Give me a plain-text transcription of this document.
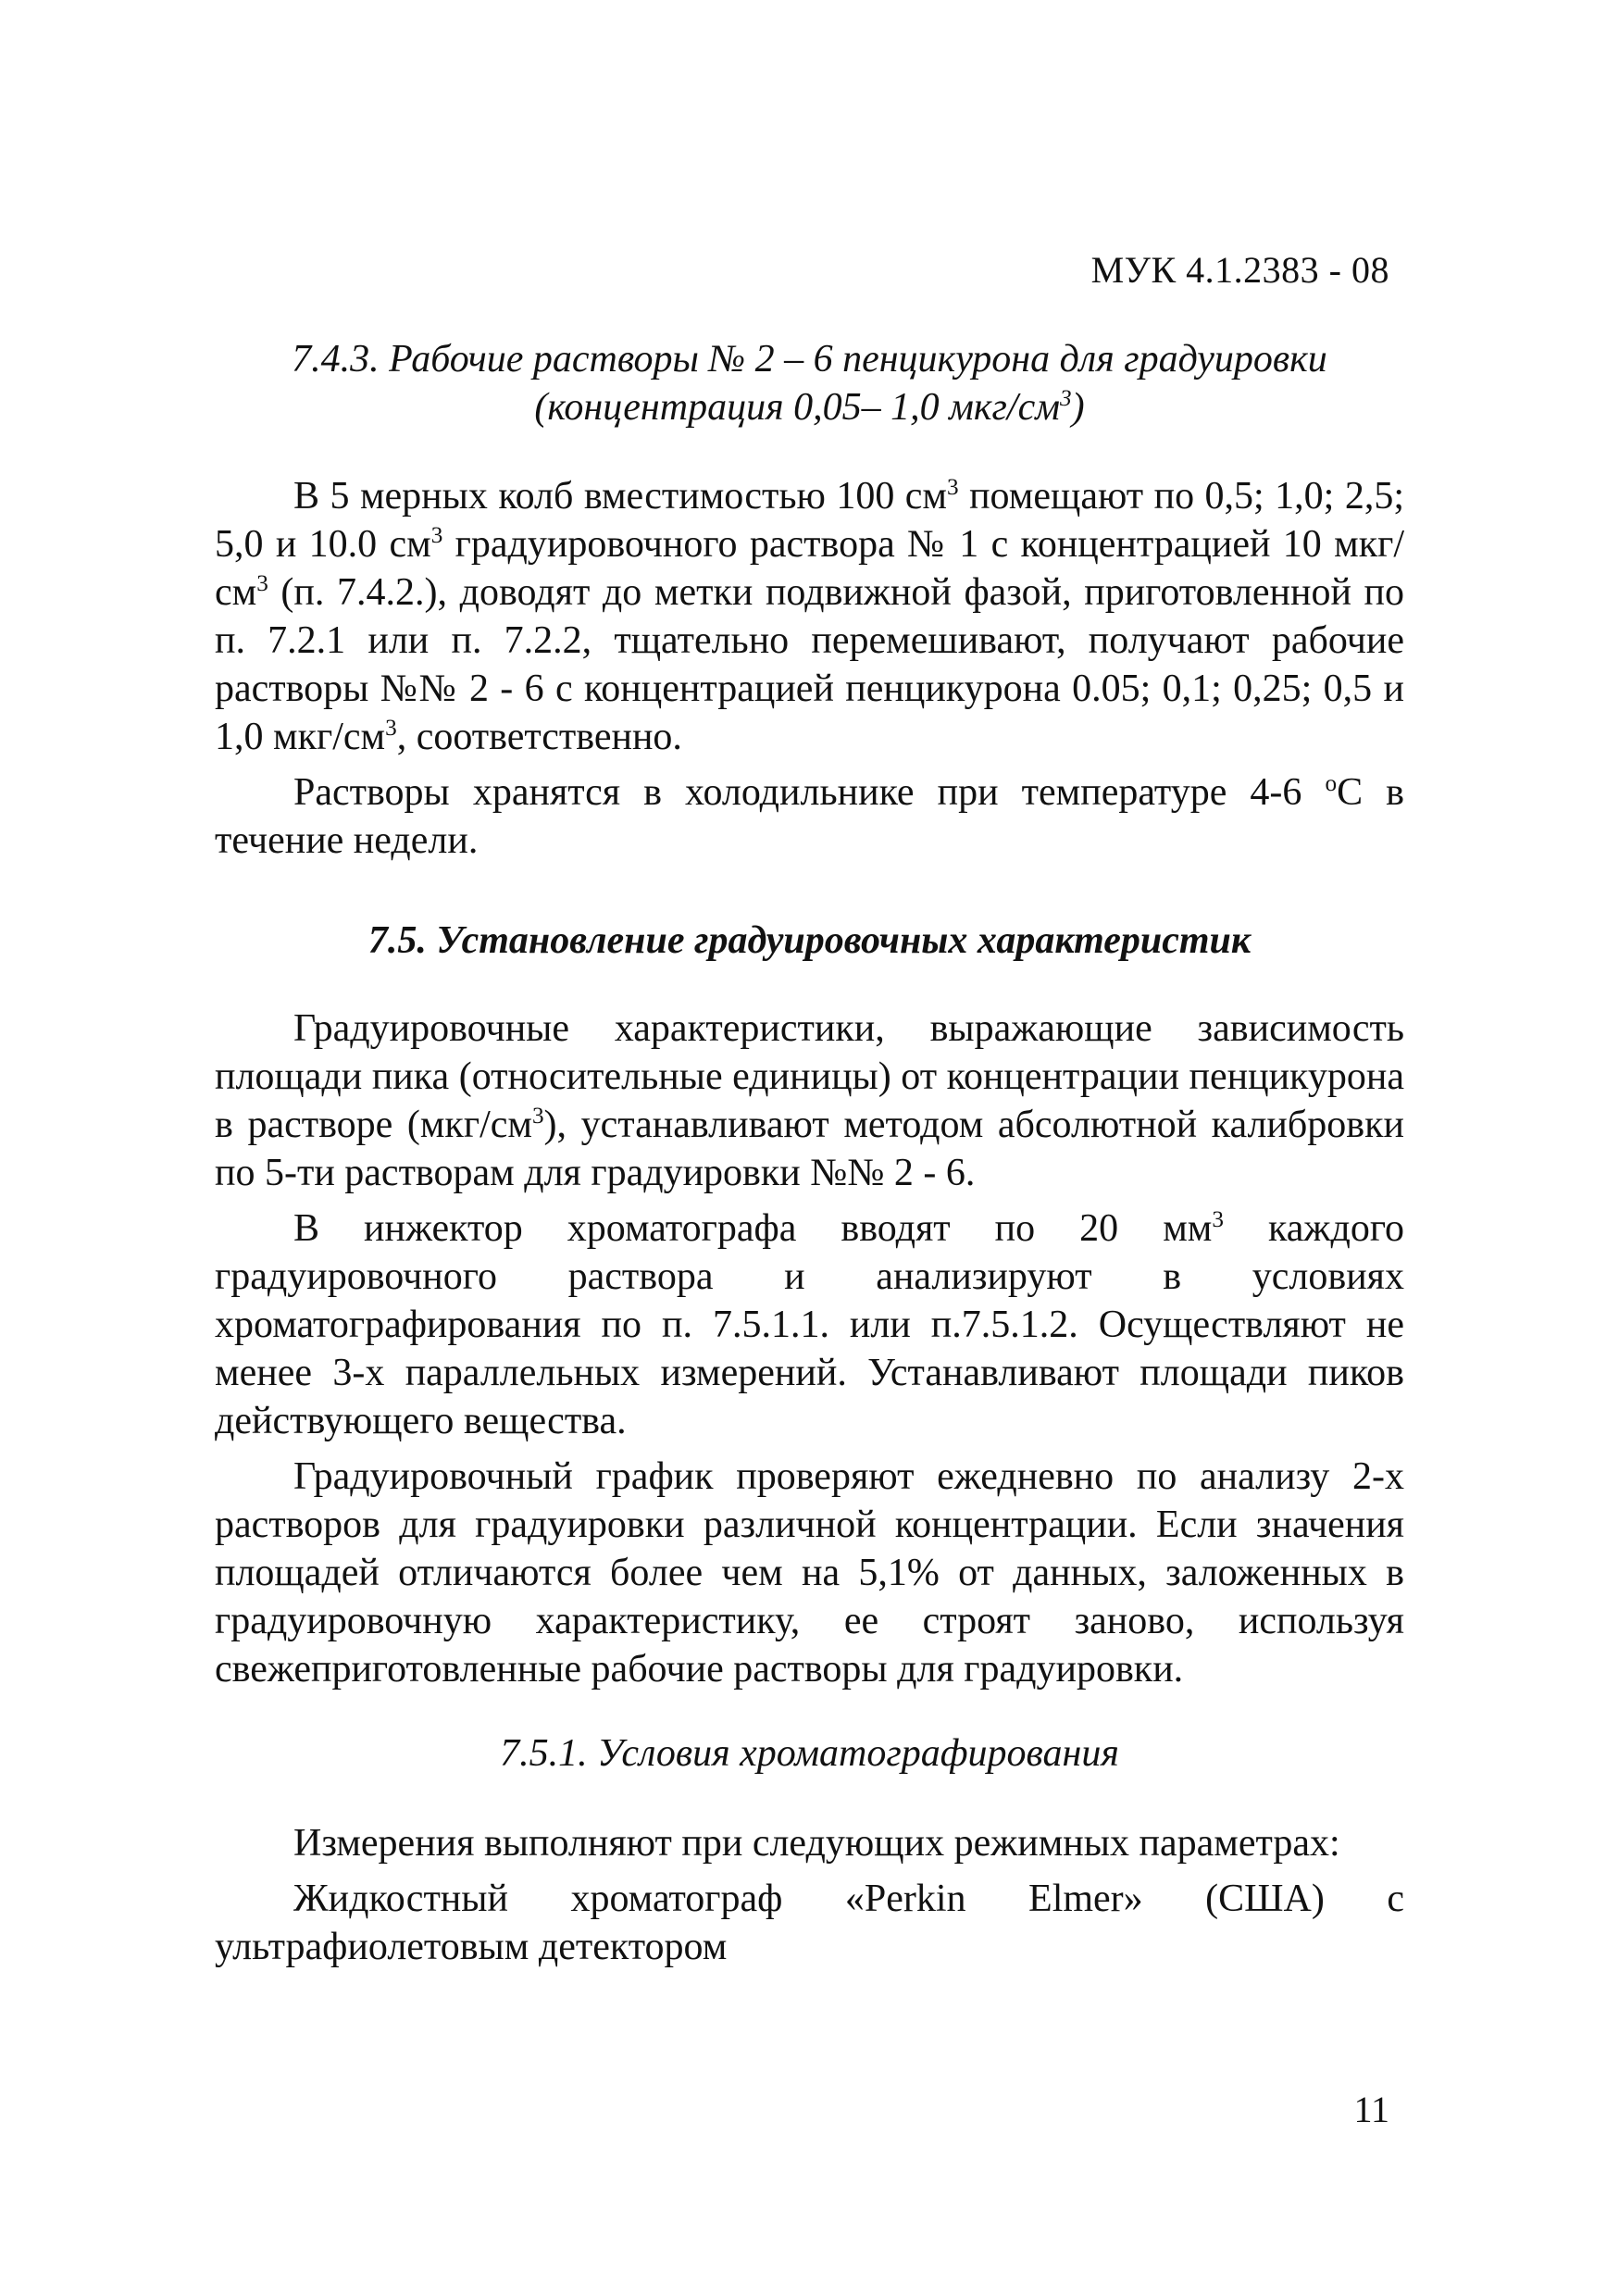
МУК 4.1.2383 - 08
7.4.3. Рабочие растворы № 2 – 6 пенцикурона для градуировки
(концентрация 0,05– 1,0 мкг/$см^3$)

В 5 мерных колб вместимостью 100 $см^3$ помещают по 0,5; 1,0; 2,5; 5,0 и 10.0 $см^3$ градуировочного раствора № 1 с концентрацией 10 мкг/$см^3$ (п. 7.4.2.), доводят до метки подвижной фазой, приготовленной по п. 7.2.1 или п. 7.2.2, тщательно перемешивают, получают рабочие растворы №№ 2 - 6 с концентрацией пенцикурона 0.05; 0,1; 0,25; 0,5 и 1,0 мкг/$см^3$, соответственно.

Растворы хранятся в холодильнике при температуре 4-6 $^о$С в течение недели.

7.5. Установление градуировочных характеристик

Градуировочные характеристики, выражающие зависимость площади пика (относительные единицы) от концентрации пенцикурона в растворе $(мкг/см^3)$, устанавливают методом абсолютной калибровки по 5-ти растворам для градуировки №№ 2 - 6.

В инжектор хроматографа вводят по 20 $мм^3$ каждого градуировочного раствора и анализируют в условиях хроматографирования по п. 7.5.1.1. или п.7.5.1.2. Осуществляют не менее 3-х параллельных измерений. Устанавливают площади пиков действующего вещества.

Градуировочный график проверяют ежедневно по анализу 2-х растворов для градуировки различной концентрации. Если значения площадей отличаются более чем на 5,1% от данных, заложенных в градуировочную характеристику, ее строят заново, используя свежеприготовленные рабочие растворы для градуировки.

7.5.1. Условия хроматографирования

Измерения выполняют при следующих режимных параметрах:

Жидкостный хроматограф «Perkin Elmer» (США) с ультрафиолетовым детектором

11
